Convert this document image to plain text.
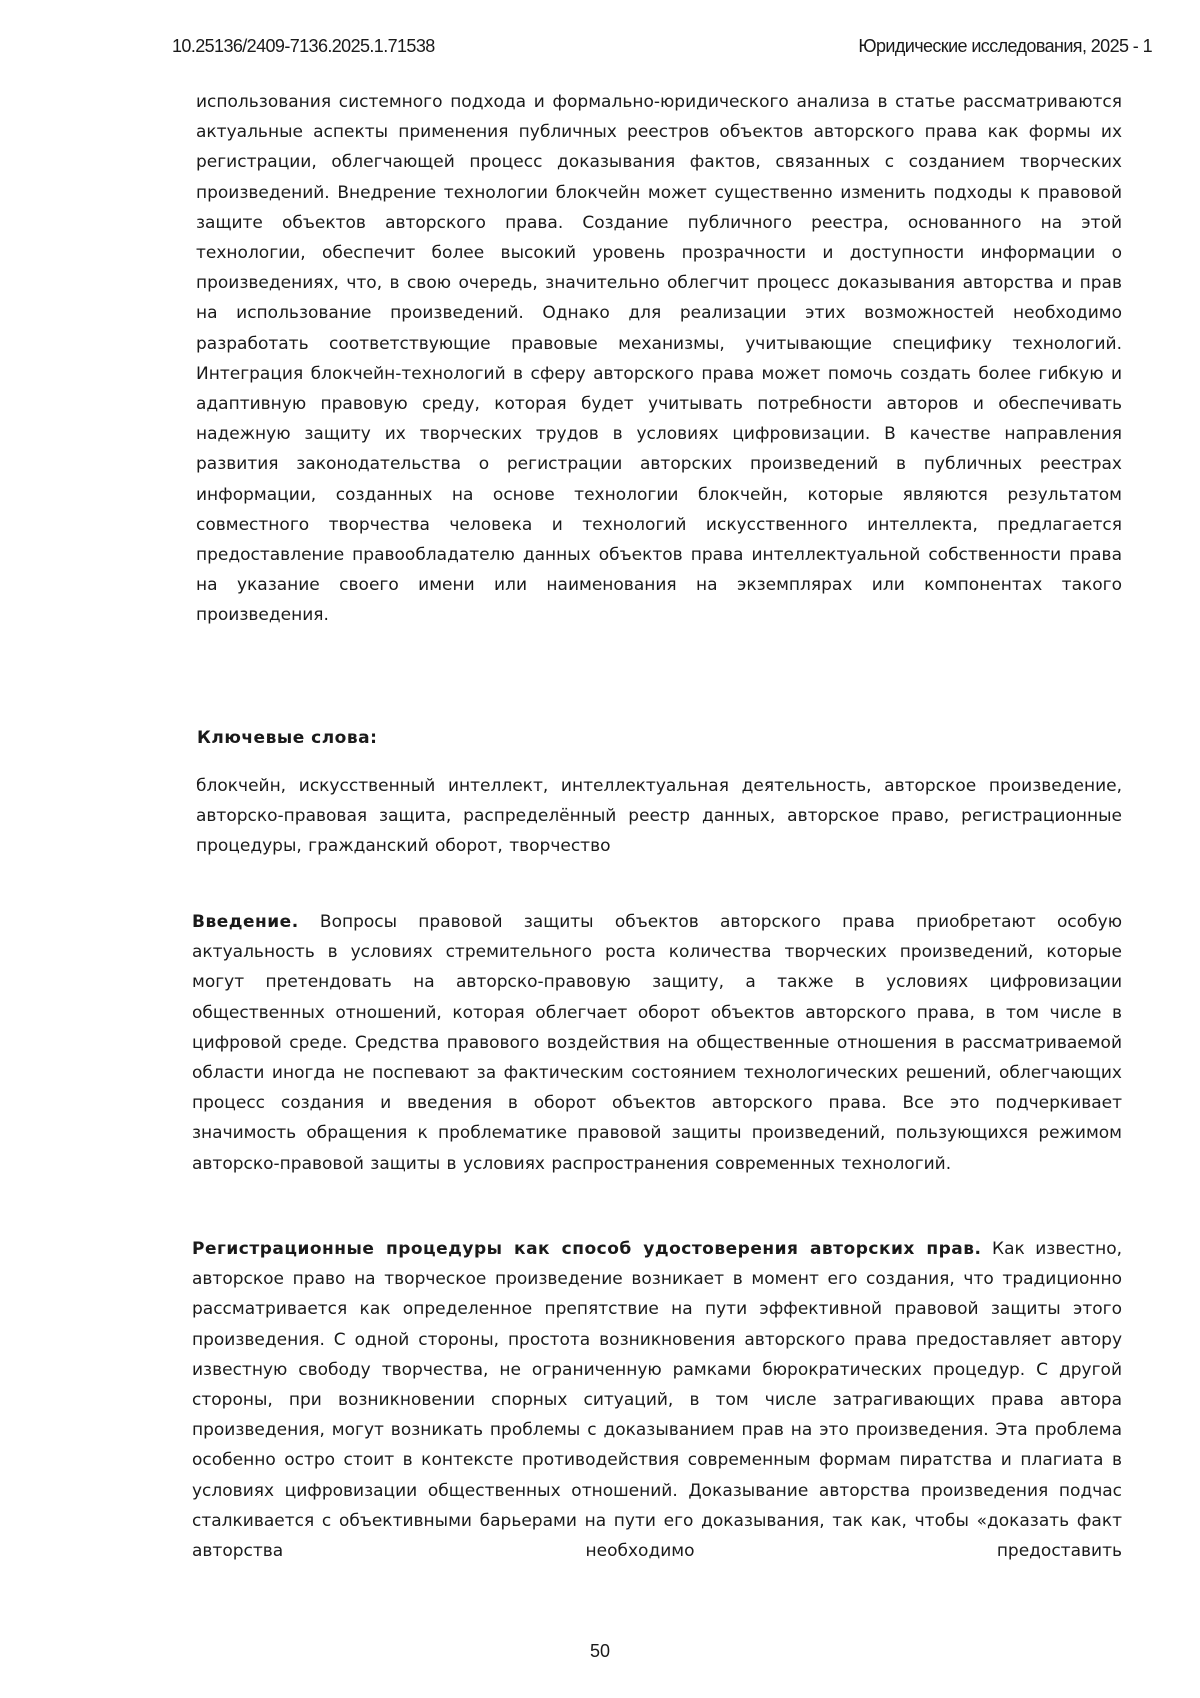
10.25136/2409-7136.2025.1.71538	Юридические исследования, 2025 - 1

использования системного подхода и формально-юридического анализа в статье рассматриваются актуальные аспекты применения публичных реестров объектов авторского права как формы их регистрации, облегчающей процесс доказывания фактов, связанных с созданием творческих произведений. Внедрение технологии блокчейн может существенно изменить подходы к правовой защите объектов авторского права. Создание публичного реестра, основанного на этой технологии, обеспечит более высокий уровень прозрачности и доступности информации о произведениях, что, в свою очередь, значительно облегчит процесс доказывания авторства и прав на использование произведений. Однако для реализации этих возможностей необходимо разработать соответствующие правовые механизмы, учитывающие специфику технологий. Интеграция блокчейн-технологий в сферу авторского права может помочь создать более гибкую и адаптивную правовую среду, которая будет учитывать потребности авторов и обеспечивать надежную защиту их творческих трудов в условиях цифровизации. В качестве направления развития законодательства о регистрации авторских произведений в публичных реестрах информации, созданных на основе технологии блокчейн, которые являются результатом совместного творчества человека и технологий искусственного интеллекта, предлагается предоставление правообладателю данных объектов права интеллектуальной собственности права на указание своего имени или наименования на экземплярах или компонентах такого произведения.

Ключевые слова:

блокчейн, искусственный интеллект, интеллектуальная деятельность, авторское произведение, авторско-правовая защита, распределённый реестр данных, авторское право, регистрационные процедуры, гражданский оборот, творчество

Введение. Вопросы правовой защиты объектов авторского права приобретают особую актуальность в условиях стремительного роста количества творческих произведений, которые могут претендовать на авторско-правовую защиту, а также в условиях цифровизации общественных отношений, которая облегчает оборот объектов авторского права, в том числе в цифровой среде. Средства правового воздействия на общественные отношения в рассматриваемой области иногда не поспевают за фактическим состоянием технологических решений, облегчающих процесс создания и введения в оборот объектов авторского права. Все это подчеркивает значимость обращения к проблематике правовой защиты произведений, пользующихся режимом авторско-правовой защиты в условиях распространения современных технологий.

Регистрационные процедуры как способ удостоверения авторских прав. Как известно, авторское право на творческое произведение возникает в момент его создания, что традиционно рассматривается как определенное препятствие на пути эффективной правовой защиты этого произведения. С одной стороны, простота возникновения авторского права предоставляет автору известную свободу творчества, не ограниченную рамками бюрократических процедур. С другой стороны, при возникновении спорных ситуаций, в том числе затрагивающих права автора произведения, могут возникать проблемы с доказыванием прав на это произведения. Эта проблема особенно остро стоит в контексте противодействия современным формам пиратства и плагиата в условиях цифровизации общественных отношений. Доказывание авторства произведения подчас сталкивается с объективными барьерами на пути его доказывания, так как, чтобы «доказать факт авторства необходимо предоставить

50
